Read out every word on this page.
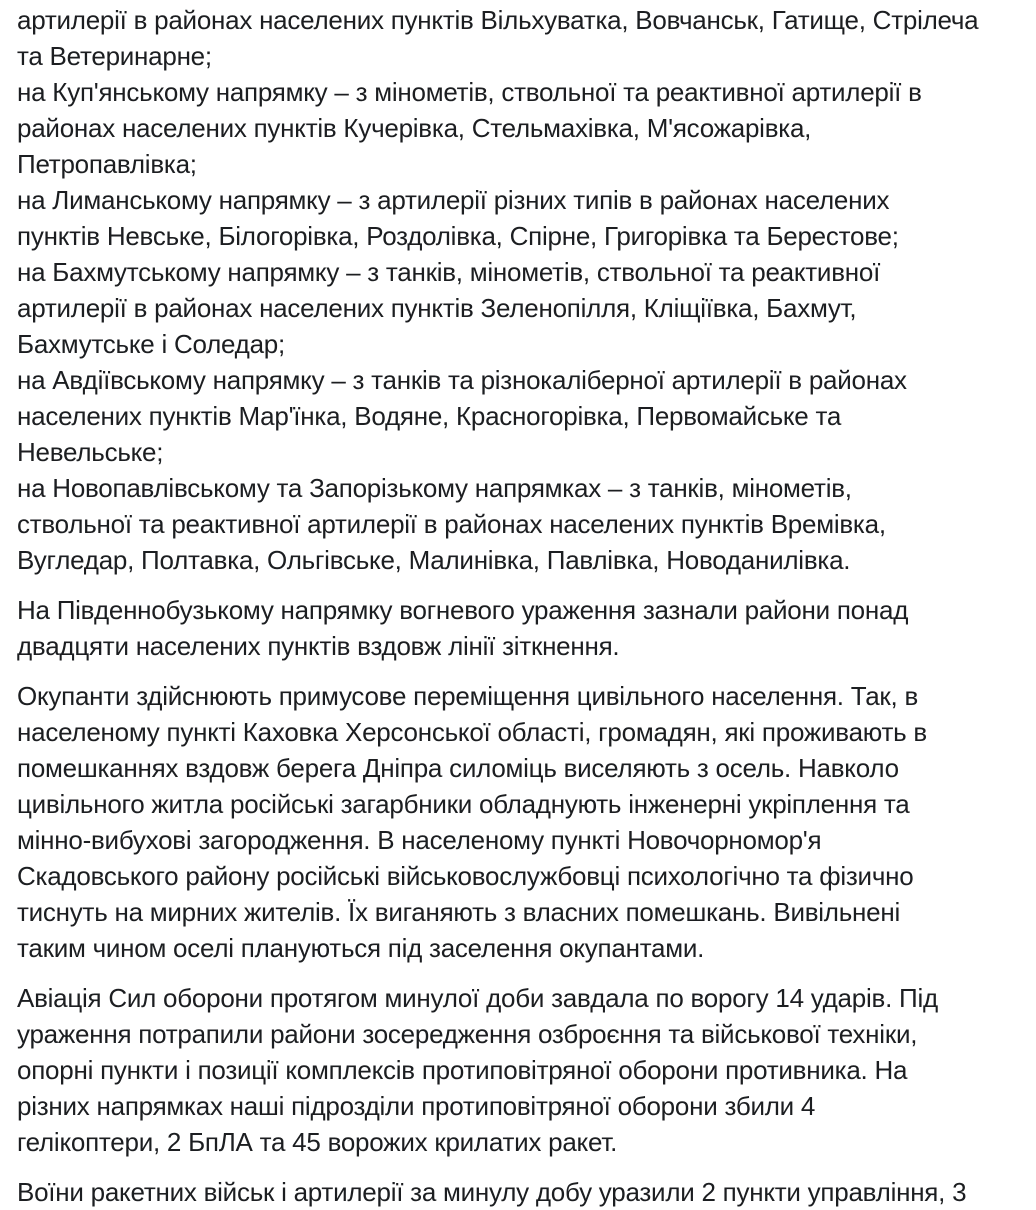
артилерії в районах населених пунктів Вільхуватка, Вовчанськ, Гатище, Стрілеча
та Ветеринарне;
на Куп'янському напрямку – з мінометів, ствольної та реактивної артилерії в
районах населених пунктів Кучерівка, Стельмахівка, М'ясожарівка,
Петропавлівка;
на Лиманському напрямку – з артилерії різних типів в районах населених
пунктів Невське, Білогорівка, Роздолівка, Спірне, Григорівка та Берестове;
на Бахмутському напрямку – з танків, мінометів, ствольної та реактивної
артилерії в районах населених пунктів Зеленопілля, Кліщіївка, Бахмут,
Бахмутське і Соледар;
на Авдіївському напрямку – з танків та різнокаліберної артилерії в районах
населених пунктів Мар'їнка, Водяне, Красногорівка, Первомайське та
Невельське;
на Новопавлівському та Запорізькому напрямках – з танків, мінометів,
ствольної та реактивної артилерії в районах населених пунктів Времівка,
Вугледар, Полтавка, Ольгівське, Малинівка, Павлівка, Новоданилівка.
На Південнобузькому напрямку вогневого ураження зазнали райони понад
двадцяти населених пунктів вздовж лінії зіткнення.
Окупанти здійснюють примусове переміщення цивільного населення. Так, в
населеному пункті Каховка Херсонської області, громадян, які проживають в
помешканнях вздовж берега Дніпра силоміць виселяють з осель. Навколо
цивільного житла російські загарбники обладнують інженерні укріплення та
мінно-вибухові загородження. В населеному пункті Новочорномор'я
Скадовського району російські військовослужбовці психологічно та фізично
тиснуть на мирних жителів. Їх виганяють з власних помешкань. Вивільнені
таким чином оселі плануються під заселення окупантами.
Авіація Сил оборони протягом минулої доби завдала по ворогу 14 ударів. Під
ураження потрапили райони зосередження озброєння та військової техніки,
опорні пункти і позиції комплексів протиповітряної оборони противника. На
різних напрямках наші підрозділи протиповітряної оборони збили 4
гелікоптери, 2 БпЛА та 45 ворожих крилатих ракет.
Воїни ракетних військ і артилерії за минулу добу уразили 2 пункти управління, 3
